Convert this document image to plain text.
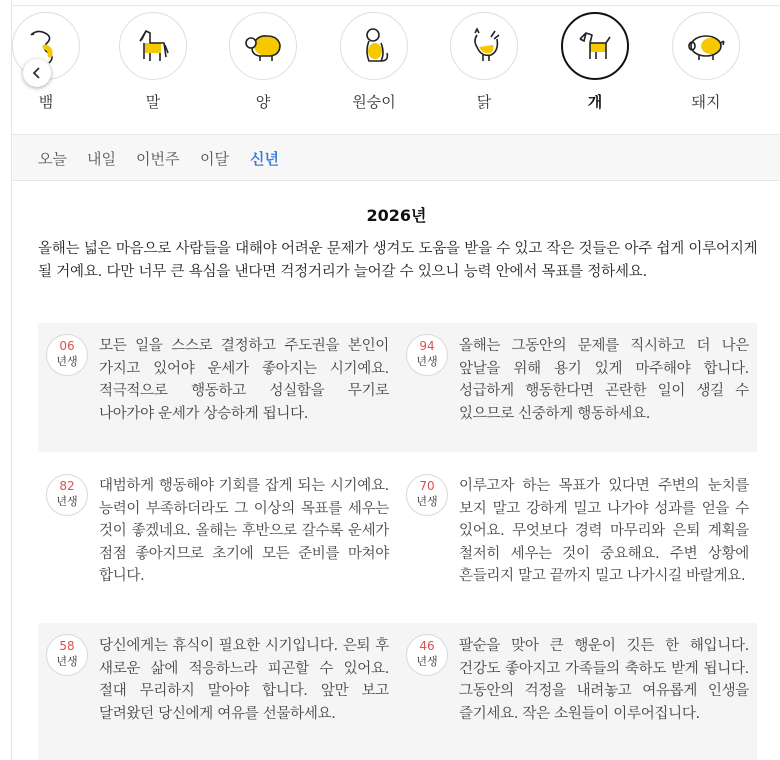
뱀	말	양	원숭이	닭	개	돼지
오늘 내일 이번주 이달 신년
2026년
올해는 넓은 마음으로 사람들을 대해야 어려운 문제가 생겨도 도움을 받을 수 있고 작은 것들은 아주 쉽게 이루어지게 될 거예요. 다만 너무 큰 욕심을 낸다면 걱정거리가 늘어갈 수 있으니 능력 안에서 목표를 정하세요.
06
년생
모든 일을 스스로 결정하고 주도권을 본인이 가지고 있어야 운세가 좋아지는 시기예요. 적극적으로 행동하고 성실함을 무기로 나아가야 운세가 상승하게 됩니다.
94
년생
올해는 그동안의 문제를 직시하고 더 나은 앞날을 위해 용기 있게 마주해야 합니다. 성급하게 행동한다면 곤란한 일이 생길 수 있으므로 신중하게 행동하세요.
82
년생
대범하게 행동해야 기회를 잡게 되는 시기예요. 능력이 부족하더라도 그 이상의 목표를 세우는 것이 좋겠네요. 올해는 후반으로 갈수록 운세가 점점 좋아지므로 초기에 모든 준비를 마쳐야 합니다.
70
년생
이루고자 하는 목표가 있다면 주변의 눈치를 보지 말고 강하게 밀고 나가야 성과를 얻을 수 있어요. 무엇보다 경력 마무리와 은퇴 계획을 철저히 세우는 것이 중요해요. 주변 상황에 흔들리지 말고 끝까지 밀고 나가시길 바랄게요.
58
년생
당신에게는 휴식이 필요한 시기입니다. 은퇴 후 새로운 삶에 적응하느라 피곤할 수 있어요. 절대 무리하지 말아야 합니다. 앞만 보고 달려왔던 당신에게 여유를 선물하세요.
46
년생
팔순을 맞아 큰 행운이 깃든 한 해입니다. 건강도 좋아지고 가족들의 축하도 받게 됩니다. 그동안의 걱정을 내려놓고 여유롭게 인생을 즐기세요. 작은 소원들이 이루어집니다.
